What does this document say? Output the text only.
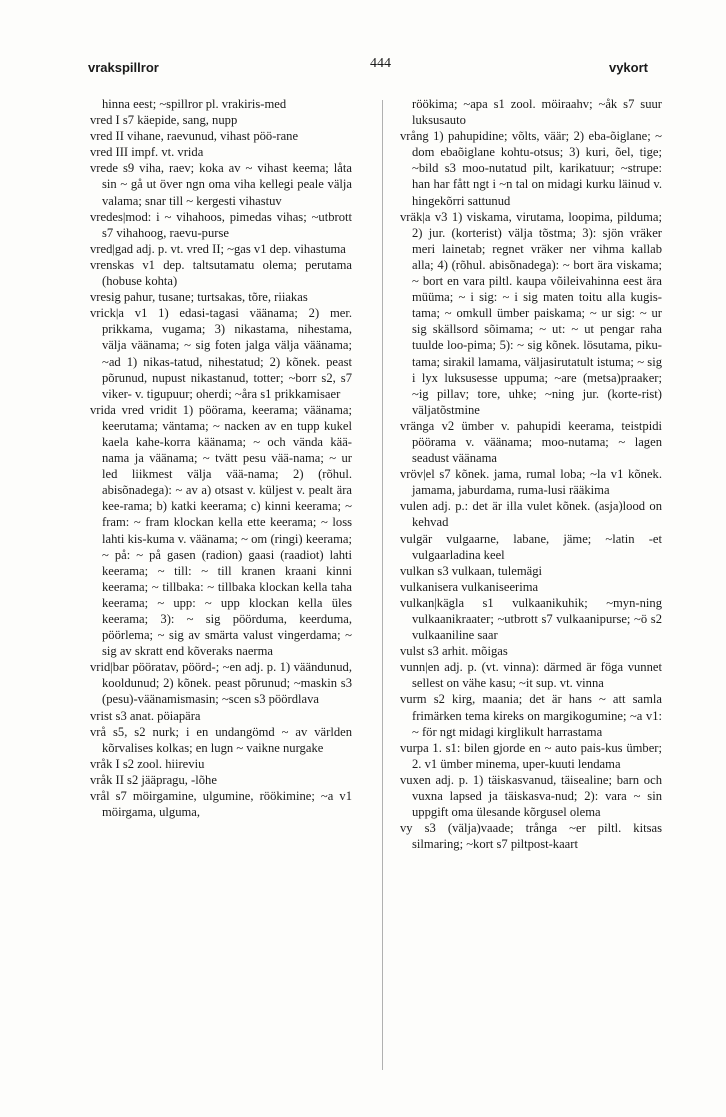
vrakspillror	444	vykort

hinna eest; ~spillror pl. vrakiris-med

vred I s7 käepide, sang, nupp

vred II vihane, raevunud, vihast pöö-rane

vred III impf. vt. vrida

vrede s9 viha, raev; koka av ~ vihast keema; låta sin ~ gå ut över ngn oma viha kellegi peale välja valama; snar till ~ kergesti vihastuv

vredes|mod: i ~ vihahoos, pimedas vihas; ~utbrott s7 vihahoog, raevu-purse

vred|gad adj. p. vt. vred II; ~gas v1 dep. vihastuma

vrenskas v1 dep. taltsutamatu olema; perutama (hobuse kohta)

vresig pahur, tusane; turtsakas, tõre, riiakas

vrick|a v1 1) edasi-tagasi väänama; 2) mer. prikkama, vugama; 3) nikastama, nihestama, välja väänama; ~ sig foten jalga välja väänama; ~ad 1) nikas-tatud, nihestatud; 2) kõnek. peast põrunud, nupust nikastanud, totter; ~borr s2, s7 viker- v. tigupuur; oherdi; ~åra s1 prikkamisaer

vrida vred vridit 1) pöörama, keerama; väänama; keerutama; väntama; ~ nacken av en tupp kukel kaela kahe-korra käänama; ~ och vända kää-nama ja väänama; ~ tvätt pesu vää-nama; ~ ur led liikmest välja vää-nama; 2) (rõhul. abisõnadega): ~ av a) otsast v. küljest v. pealt ära kee-rama; b) katki keerama; c) kinni keerama; ~ fram: ~ fram klockan kella ette keerama; ~ loss lahti kis-kuma v. väänama; ~ om (ringi) keerama; ~ på: ~ på gasen (radion) gaasi (raadiot) lahti keerama; ~ till: ~ till kranen kraani kinni keerama; ~ tillbaka: ~ tillbaka klockan kella taha keerama; ~ upp: ~ upp klockan kella üles keerama; 3): ~ sig pöörduma, keerduma, pöörlema; ~ sig av smärta valust vingerdama; ~ sig av skratt end kõveraks naerma

vrid|bar pööratav, pöörd-; ~en adj. p. 1) väändunud, kooldunud; 2) kõnek. peast põrunud; ~maskin s3 (pesu)-väänamismasin; ~scen s3 pöördlava

vrist s3 anat. pöiapära

vrå s5, s2 nurk; i en undangömd ~ av världen kõrvalises kolkas; en lugn ~ vaikne nurgake

vråk I s2 zool. hiireviu

vråk II s2 jääpragu, -lõhe

vrål s7 möirgamine, ulgumine, röökimine; ~a v1 möirgama, ulguma,

röökima; ~apa s1 zool. möiraahv; ~åk s7 suur luksusauto

vrång 1) pahupidine; võlts, väär; 2) eba-õiglane; ~ dom ebaõiglane kohtu-otsus; 3) kuri, õel, tige; ~bild s3 moo-nutatud pilt, karikatuur; ~strupe: han har fått ngt i ~n tal on midagi kurku läinud v. hingekõrri sattunud

vräk|a v3 1) viskama, virutama, loopima, pilduma; 2) jur. (korterist) välja tõstma; 3): sjön vräker meri lainetab; regnet vräker ner vihma kallab alla; 4) (rõhul. abisõnadega): ~ bort ära viskama; ~ bort en vara piltl. kaupa võileivahinna eest ära müüma; ~ i sig: ~ i sig maten toitu alla kugis-tama; ~ omkull ümber paiskama; ~ ur sig: ~ ur sig skällsord sõimama; ~ ut: ~ ut pengar raha tuulde loo-pima; 5): ~ sig kõnek. lösutama, piku-tama; sirakil lamama, väljasirutatult istuma; ~ sig i lyx luksusesse uppuma; ~are (metsa)praaker; ~ig pillav; tore, uhke; ~ning jur. (korte-rist) väljatõstmine

vränga v2 ümber v. pahupidi keerama, teistpidi pöörama v. väänama; moo-nutama; ~ lagen seadust väänama

vröv|el s7 kõnek. jama, rumal loba; ~la v1 kõnek. jamama, jaburdama, ruma-lusi rääkima

vulen adj. p.: det är illa vulet kõnek. (asja)lood on kehvad

vulgär vulgaarne, labane, jäme; ~latin -et vulgaarladina keel

vulkan s3 vulkaan, tulemägi

vulkanisera vulkaniseerima

vulkan|kägla s1 vulkaanikuhik; ~myn-ning vulkaanikraater; ~utbrott s7 vulkaanipurse; ~ö s2 vulkaaniline saar

vulst s3 arhit. mõigas

vunn|en adj. p. (vt. vinna): därmed är föga vunnet sellest on vähe kasu; ~it sup. vt. vinna

vurm s2 kirg, maania; det är hans ~ att samla frimärken tema kireks on margikogumine; ~a v1: ~ för ngt midagi kirglikult harrastama

vurpa 1. s1: bilen gjorde en ~ auto pais-kus ümber; 2. v1 ümber minema, uper-kuuti lendama

vuxen adj. p. 1) täiskasvanud, täisealine; barn och vuxna lapsed ja täiskasva-nud; 2): vara ~ sin uppgift oma ülesande kõrgusel olema

vy s3 (välja)vaade; trånga ~er piltl. kitsas silmaring; ~kort s7 piltpost-kaart
